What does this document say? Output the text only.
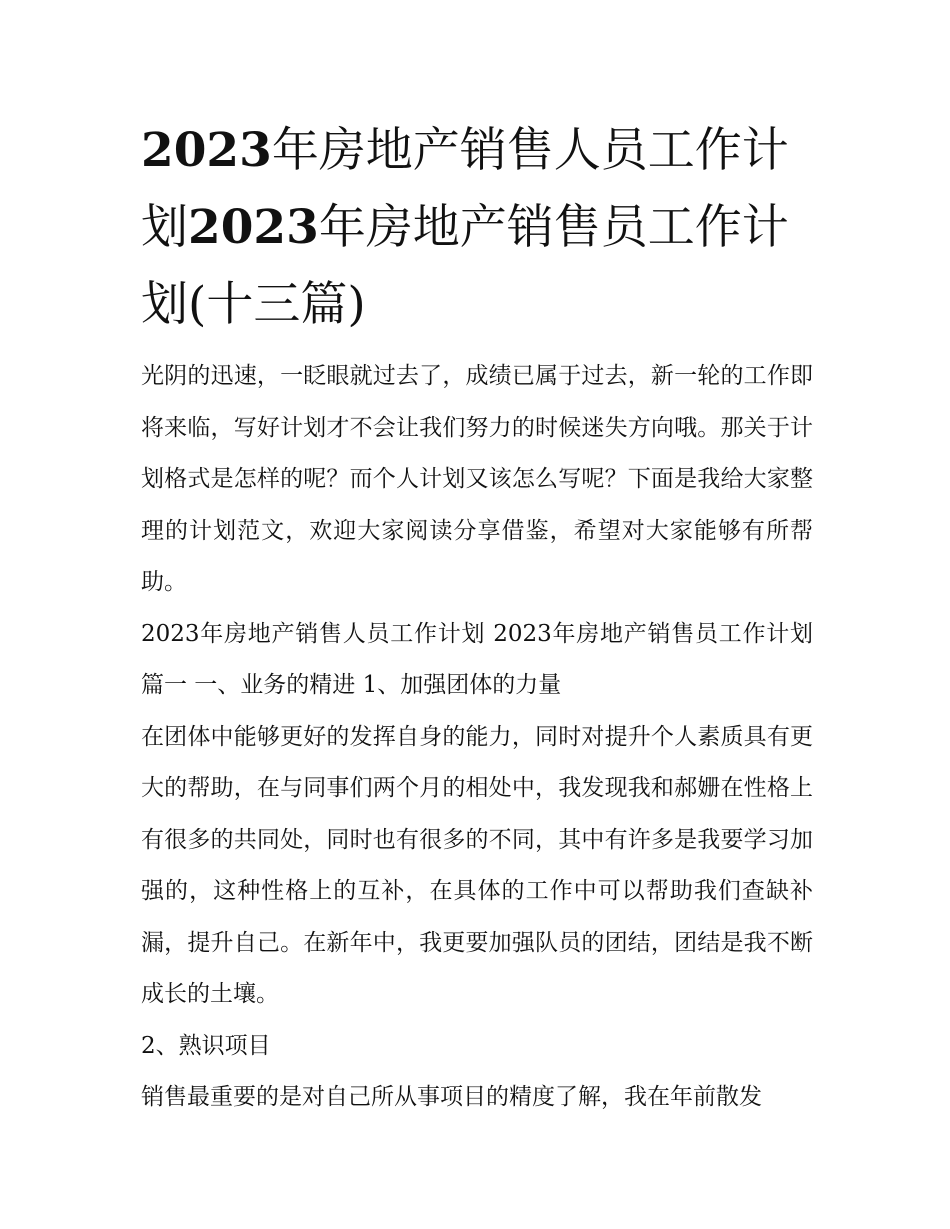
2023年房地产销售人员工作计划2023年房地产销售员工作计划(十三篇)

光阴的迅速，一眨眼就过去了，成绩已属于过去，新一轮的工作即将来临，写好计划才不会让我们努力的时候迷失方向哦。那关于计划格式是怎样的呢？而个人计划又该怎么写呢？下面是我给大家整理的计划范文，欢迎大家阅读分享借鉴，希望对大家能够有所帮助。

2023年房地产销售人员工作计划 2023年房地产销售员工作计划篇一 一、业务的精进 1、加强团体的力量

在团体中能够更好的发挥自身的能力，同时对提升个人素质具有更大的帮助，在与同事们两个月的相处中，我发现我和郝姗在性格上有很多的共同处，同时也有很多的不同，其中有许多是我要学习加强的，这种性格上的互补，在具体的工作中可以帮助我们查缺补漏，提升自己。在新年中，我更要加强队员的团结，团结是我不断成长的土壤。

2、熟识项目

销售最重要的是对自己所从事项目的精度了解，我在年前散发
